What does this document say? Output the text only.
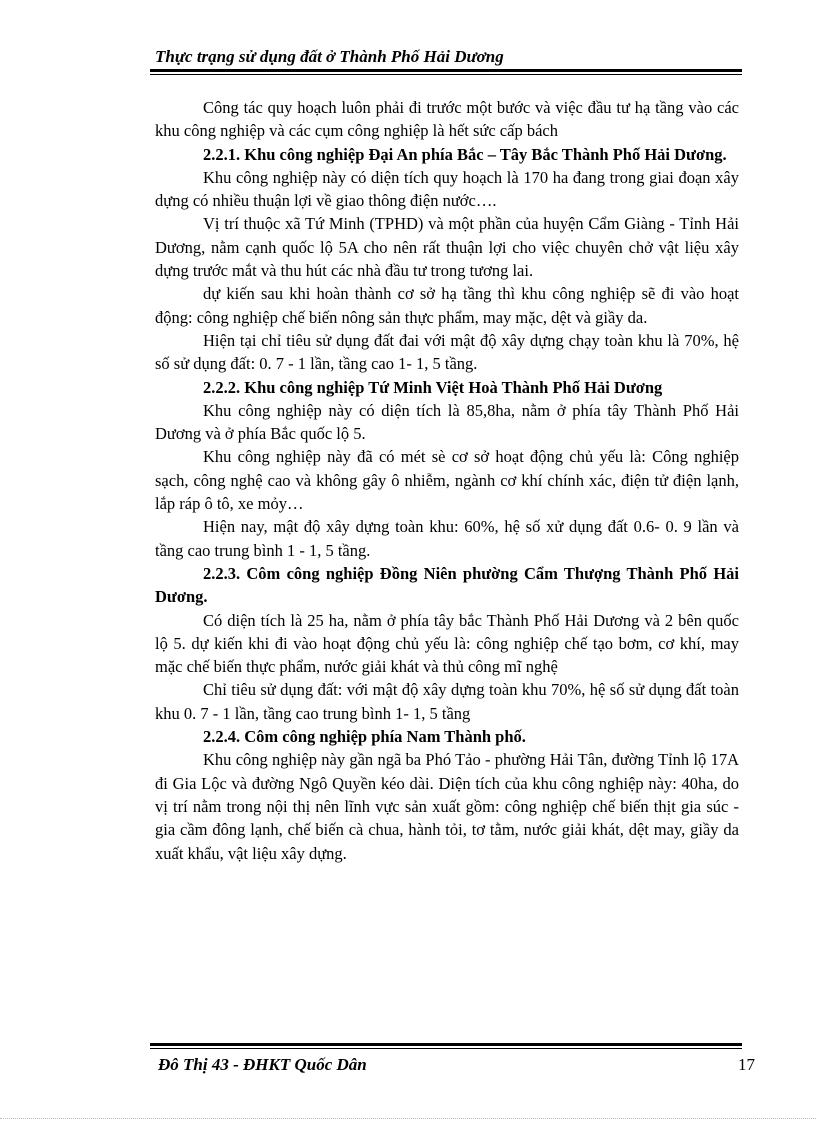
Thực trạng sử dụng đất ở Thành Phố Hải Dương

Công tác quy hoạch luôn phải đi trước một bước và việc đầu tư hạ tầng vào các khu công nghiệp và các cụm công nghiệp là hết sức cấp bách

2.2.1. Khu công nghiệp Đại An phía Bắc – Tây Bắc Thành Phố Hải Dương.

Khu công nghiệp này có diện tích quy hoạch là 170 ha đang trong giai đoạn xây dựng có nhiều thuận lợi về giao thông điện nước….

Vị trí thuộc xã Tứ Minh (TPHD) và một phần của huyện Cẩm Giàng - Tỉnh Hải Dương, nằm cạnh quốc lộ 5A cho nên rất thuận lợi cho việc chuyên chở vật liệu xây dựng trước mắt và thu hút các nhà đầu tư trong tương lai.

dự kiến sau khi hoàn thành cơ sở hạ tầng thì khu công nghiệp sẽ đi vào hoạt động: công nghiệp chế biến nông sản thực phẩm, may mặc, dệt và giầy da.

Hiện tại chỉ tiêu sử dụng đất đai với mật độ xây dựng chạy toàn khu là 70%, hệ số sử dụng đất: 0. 7 - 1 lần, tầng cao 1- 1, 5 tầng.

2.2.2. Khu công nghiệp Tứ Minh Việt Hoà Thành Phố Hải Dương

Khu công nghiệp này có diện tích là 85,8ha, nằm ở phía tây Thành Phố Hải Dương và ở phía Bắc quốc lộ 5.

Khu công nghiệp này đã có mét sè cơ sở hoạt động chủ yếu là: Công nghiệp sạch, công nghệ cao và không gây ô nhiễm, ngành cơ khí chính xác, điện tử điện lạnh, lắp ráp ô tô, xe mỏy…

Hiện nay, mật độ xây dựng toàn khu: 60%, hệ số xử dụng đất 0.6- 0. 9 lần và tầng cao trung bình 1 - 1, 5 tầng.

2.2.3. Côm công nghiệp Đồng Niên phường Cẩm Thượng Thành Phố Hải Dương.

Có diện tích là 25 ha, nằm ở phía tây bắc Thành Phố Hải Dương và 2 bên quốc lộ 5. dự kiến khi đi vào hoạt động chủ yếu là: công nghiệp chế tạo bơm, cơ khí, may mặc chế biến thực phẩm, nước giải khát và thủ công mĩ nghệ

Chỉ tiêu sử dụng đất: với mật độ xây dựng toàn khu 70%, hệ số sử dụng đất toàn khu 0. 7 - 1 lần, tầng cao trung bình 1- 1, 5 tầng

2.2.4. Côm công nghiệp phía Nam Thành phố.

Khu công nghiệp này gần ngã ba Phó Tảo - phường Hải Tân, đường Tỉnh lộ 17A đi Gia Lộc và đường Ngô Quyền kéo dài. Diện tích của khu công nghiệp này: 40ha, do vị trí nằm trong nội thị nên lĩnh vực sản xuất gồm: công nghiệp chế biến thịt gia súc - gia cầm đông lạnh, chế biến cà chua, hành tỏi, tơ tằm, nước giải khát, dệt may, giầy da xuất khẩu, vật liệu xây dựng.

Đô Thị 43 - ĐHKT Quốc Dân	17
